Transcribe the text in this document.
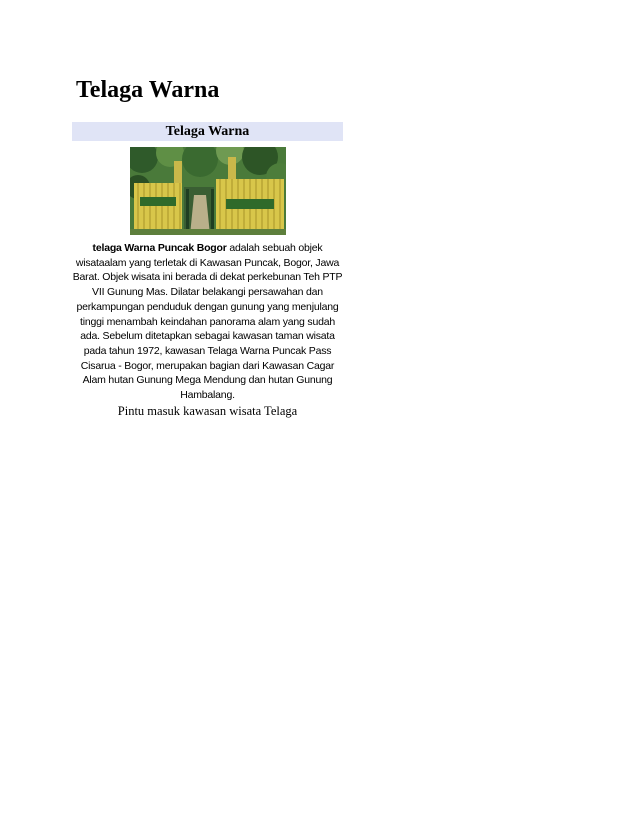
Telaga Warna
Telaga Warna

telaga Warna Puncak Bogor adalah sebuah objek wisataalam yang terletak di Kawasan Puncak, Bogor, Jawa Barat. Objek wisata ini berada di dekat perkebunan Teh PTP VII Gunung Mas. Dilatar belakangi persawahan dan perkampungan penduduk dengan gunung yang menjulang tinggi menambah keindahan panorama alam yang sudah ada. Sebelum ditetapkan sebagai kawasan taman wisata pada tahun 1972, kawasan Telaga Warna Puncak Pass Cisarua - Bogor, merupakan bagian dari Kawasan Cagar Alam hutan Gunung Mega Mendung dan hutan Gunung Hambalang.

Pintu masuk kawasan wisata Telaga
